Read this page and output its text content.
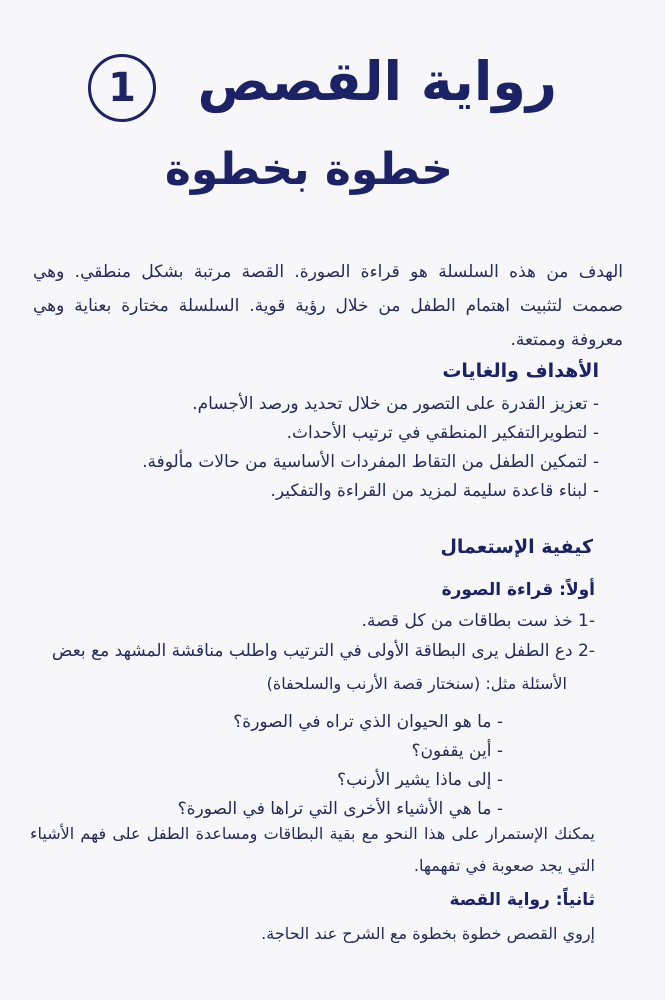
رواية القصص
1
خطوة بخطوة

الهدف من هذه السلسلة هو قراءة الصورة. القصة مرتبة بشكل منطقي. وهي صممت لتثبيت اهتمام الطفل من خلال رؤية قوية. السلسلة مختارة بعناية وهي معروفة وممتعة.

الأهداف والغايات
- تعزيز القدرة على التصور من خلال تحديد ورصد الأجسام.
- لتطويرالتفكير المنطقي في ترتيب الأحداث.
- لتمكين الطفل من التقاط المفردات الأساسية من حالات مألوفة.
- لبناء قاعدة سليمة لمزيد من القراءة والتفكير.
كيفية الإستعمال
أولاً: قراءة الصورة
-1 خذ ست بطاقات من كل قصة.
-2 دع الطفل يرى البطاقة الأولى في الترتيب واطلب مناقشة المشهد مع بعض
الأسئلة مثل: (سنختار قصة الأرنب والسلحفاة)
- ما هو الحيوان الذي تراه في الصورة؟
- أين يقفون؟
- إلى ماذا يشير الأرنب؟
- ما هي الأشياء الأخرى التي تراها في الصورة؟

يمكنك الإستمرار على هذا النحو مع بقية البطاقات ومساعدة الطفل على فهم الأشياء التي يجد صعوبة في تفهمها.

ثانياً: رواية القصة
إروي القصص خطوة بخطوة مع الشرح عند الحاجة.
